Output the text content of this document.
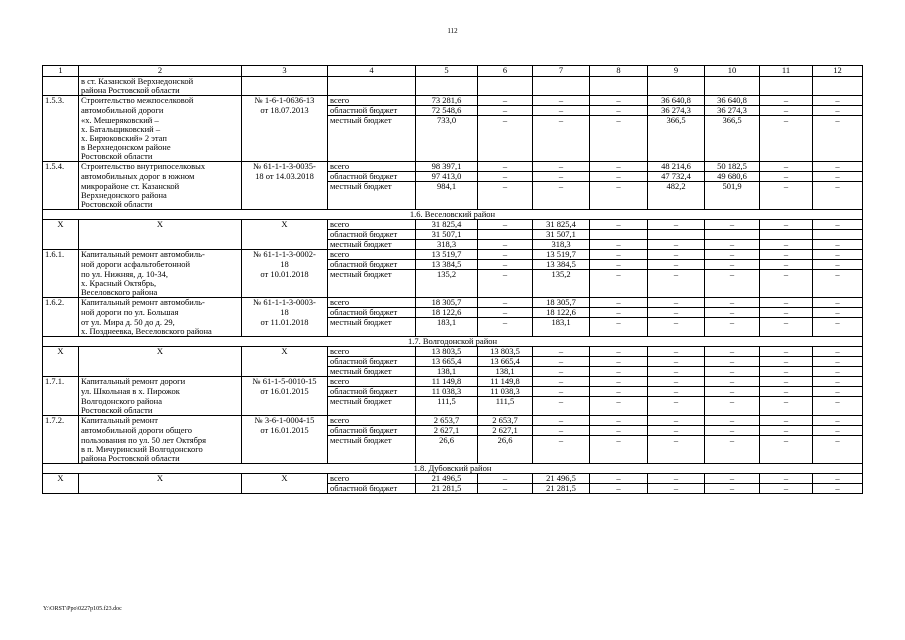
112
1	2	3	4	5	6	7	8	9	10	11	12
	в ст. Казанской Верхнедонской										
	района Ростовской области										
1.5.3.	Строительство межпоселковой	№ 1-6-1-0636-13	всего	73 281,6	–	–	–	36 640,8	36 640,8	–	–
	автомобильной дороги	от 18.07.2013	областной бюджет	72 548,6	–	–	–	36 274,3	36 274,3	–	–
	«х. Мешеряковский –		местный бюджет	733,0	–	–	–	366,5	366,5	–	–
	х. Батальщиковский –										
	х. Бирюковский» 2 этап										
	в Верхнедонском районе										
	Ростовской области										
1.5.4.	Строительство внутрипоселковых	№ 61-1-1-3-0035-	всего	98 397,1	–	–	–	48 214,6	50 182,5	–	–
	автомобильных дорог в южном	18 от 14.03.2018	областной бюджет	97 413,0	–	–	–	47 732,4	49 680,6	–	–
	микрорайоне ст. Казанской		местный бюджет	984,1	–	–	–	482,2	501,9	–	–
	Верхнедонского района										
	Ростовской области										
1.6. Веселовский район											
Х	Х	Х	всего	31 825,4	–	31 825,4	–	–	–	–	–
			областной бюджет	31 507,1		31 507,1					
			местный бюджет	318,3	–	318,3	–	–	–	–	–
1.6.1.	Капитальный ремонт автомобиль-	№ 61-1-1-3-0002-	всего	13 519,7	–	13 519,7	–	–	–	–	–
	ной дороги асфальтобетонной	18	областной бюджет	13 384,5	–	13 384,5	–	–	–	–	–
	по ул. Нижняя, д. 10-34,	от 10.01.2018	местный бюджет	135,2	–	135,2	–	–	–	–	–
	х. Красный Октябрь,										
	Веселовского района										
1.6.2.	Капитальный ремонт автомобиль-	№ 61-1-1-3-0003-	всего	18 305,7	–	18 305,7	–	–	–	–	–
	ной дороги по ул. Большая	18	областной бюджет	18 122,6	–	18 122,6	–	–	–	–	–
	от ул. Мира д. 50 до д. 29,	от 11.01.2018	местный бюджет	183,1	–	183,1	–	–	–	–	–
	х. Позднеевка, Веселовского района										
1.7. Волгодонской район											
Х	Х	Х	всего	13 803,5	13 803,5	–	–	–	–	–	–
			областной бюджет	13 665,4	13 665,4	–	–	–	–	–	–
			местный бюджет	138,1	138,1	–	–	–	–	–	–
1.7.1.	Капитальный ремонт дороги	№ 61-1-5-0010-15	всего	11 149,8	11 149,8	–	–	–	–	–	–
	ул. Школьная в х. Пирожок	от 16.01.2015	областной бюджет	11 038,3	11 038,3	–	–	–	–	–	–
	Волгодонского района		местный бюджет	111,5	111,5	–	–	–	–	–	–
	Ростовской области										
1.7.2.	Капитальный ремонт	№ 3-6-1-0004-15	всего	2 653,7	2 653,7	–	–	–	–	–	–
	автомобильной дороги общего	от 16.01.2015	областной бюджет	2 627,1	2 627,1	–	–	–	–	–	–
	пользования по ул. 50 лет Октября		местный бюджет	26,6	26,6	–	–	–	–	–	–
	в п. Мичуринский Волгодонского										
	района Ростовской области										
1.8. Дубовский район											
Х	Х	Х	всего	21 496,5	–	21 496,5	–	–	–	–	–
			областной бюджет	21 281,5	–	21 281,5	–	–	–	–	–
Y:\ORST\Ppo\0227p105.f23.doc
